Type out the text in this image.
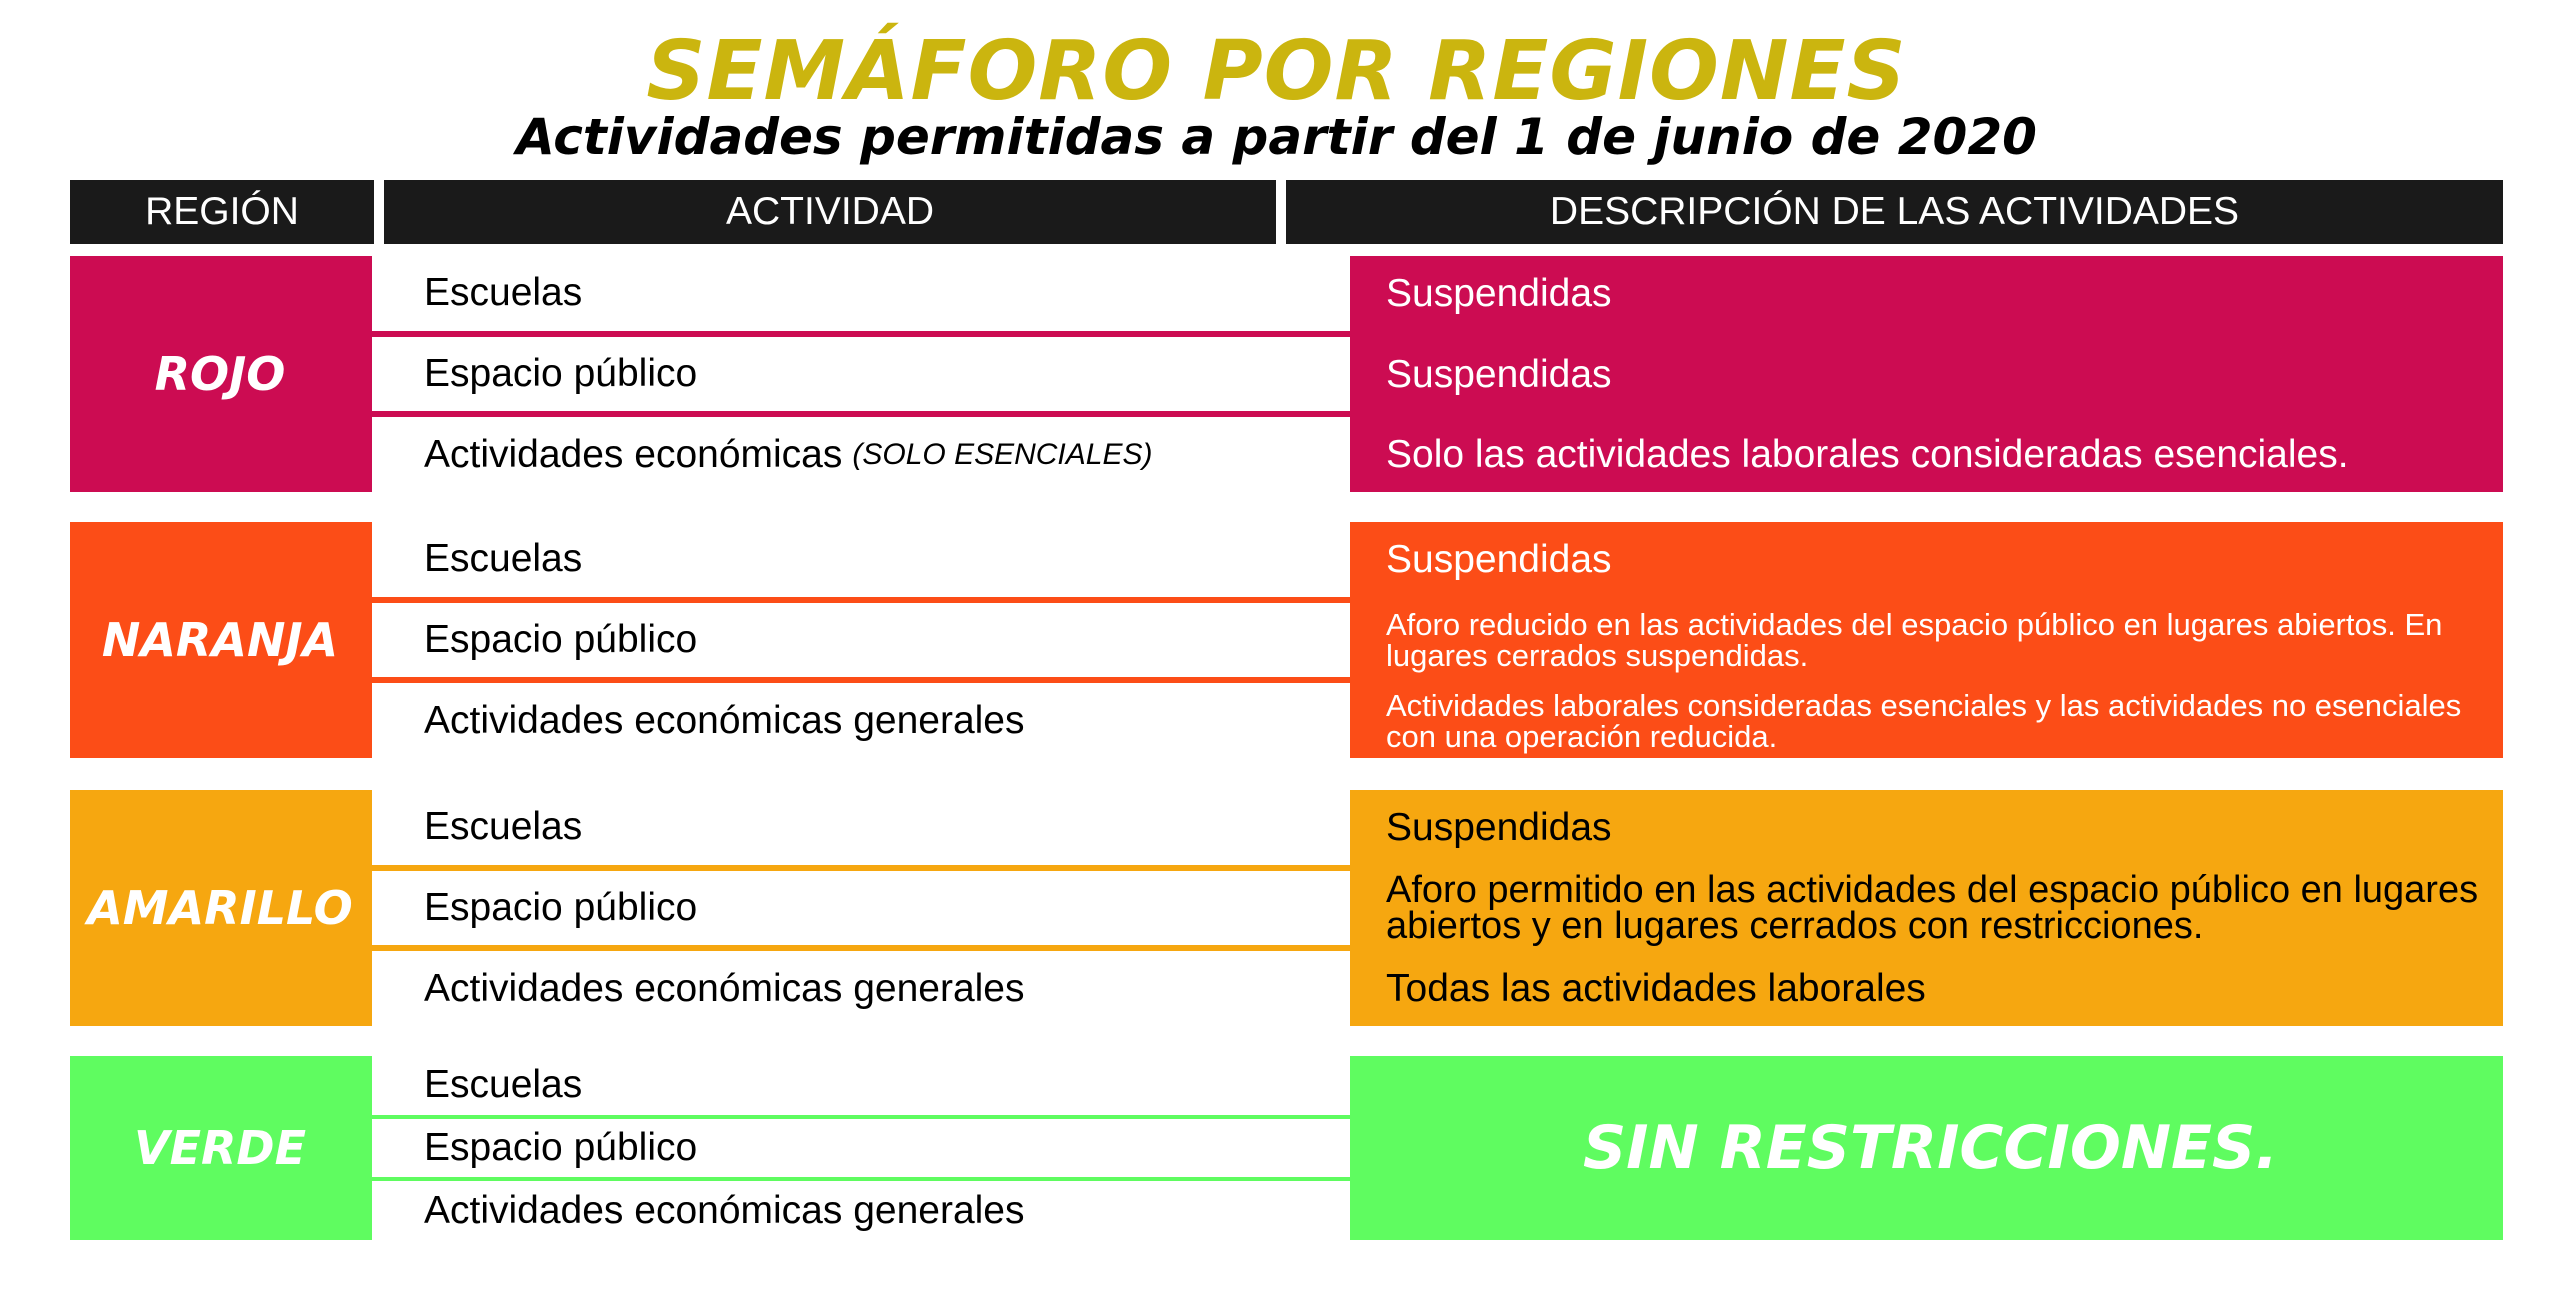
SEMÁFORO POR REGIONES
Actividades permitidas a partir del 1 de junio de 2020
REGIÓN	ACTIVIDAD	DESCRIPCIÓN DE LAS ACTIVIDADES
ROJO
Escuelas
Espacio público
Actividades económicas (SOLO ESENCIALES)
Suspendidas
Suspendidas
Solo las actividades laborales consideradas esenciales.
NARANJA
Escuelas
Espacio público
Actividades económicas generales
Suspendidas
Aforo reducido en las actividades del espacio público en lugares abiertos. En lugares cerrados suspendidas.
Actividades laborales consideradas esenciales y las actividades no esenciales con una operación reducida.
AMARILLO
Escuelas
Espacio público
Actividades económicas generales
Suspendidas
Aforo permitido en las actividades del espacio público en lugares abiertos y en lugares cerrados con restricciones.
Todas las actividades laborales
VERDE
Escuelas
Espacio público
Actividades económicas generales
SIN RESTRICCIONES.
